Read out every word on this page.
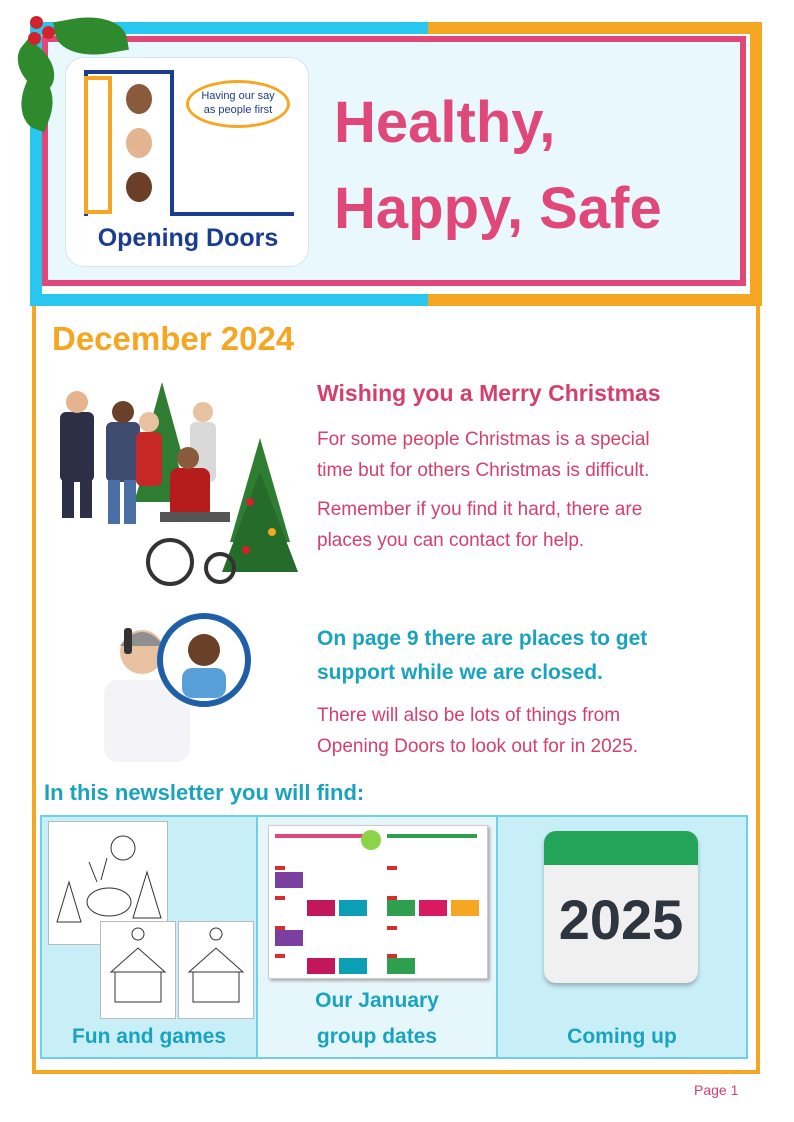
Having our say
as people first
Opening Doors
Healthy,
Happy, Safe
December 2024
Wishing you a Merry Christmas
For some people Christmas is a special
time but for others Christmas is difficult.
Remember if you find it hard, there are
places you can contact for help.
On page 9 there are places to get
support while we are closed.
There will also be lots of things from
Opening Doors to look out for in 2025.
In this newsletter you will find:
Fun and games
Our January
group dates
2025
Coming up
Page 1
